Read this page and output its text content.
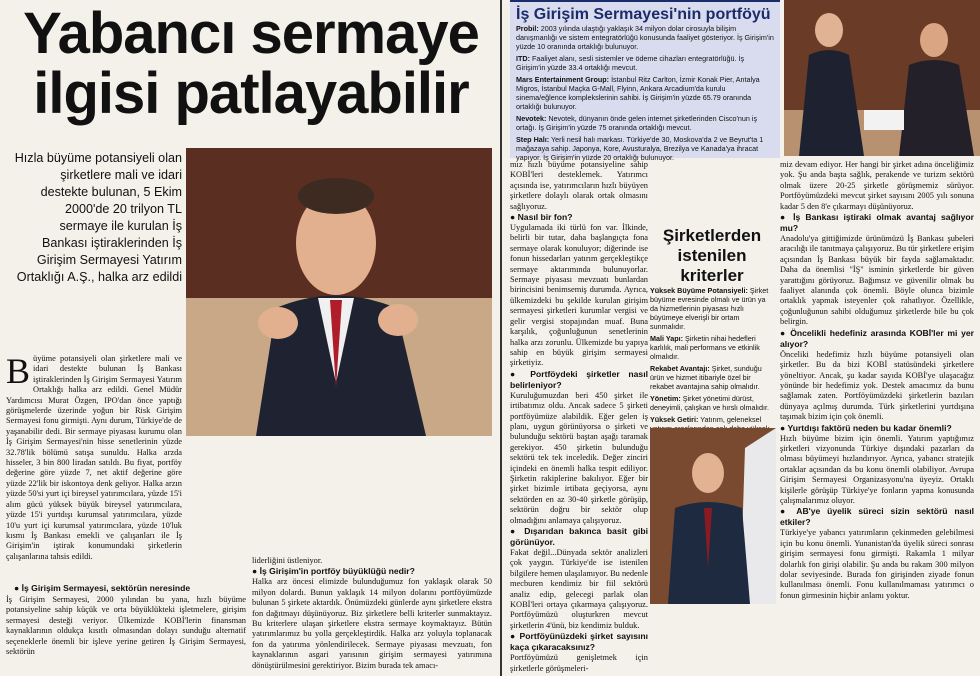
Yabancı sermaye ilgisi patlayabilir
Hızla büyüme potansiyeli olan şirketlere mali ve idari destekte bulunan, 5 Ekim 2000'de 20 trilyon TL sermaye ile kurulan İş Bankası iştiraklerinden İş Girişim Sermayesi Yatırım Ortaklığı A.Ş., halka arz edildi
Büyüme potansiyeli olan şirketlere mali ve idari destekte bulunan İş Bankası iştiraklerinden İş Girişim Sermayesi Yatırım Ortaklığı halka arz edildi. Genel Müdür Yardımcısı Murat Özgen, IPO'dan önce yaptığı görüşmelerde üzerinde yoğun bir Risk Girişim Sermayesi fonu girmişti. Aynı durum, Türkiye'de de yaşanabilir dedi. Bir sermaye piyasası kurumu olan İş Girişim Sermayesi'nin hisse senetlerinin yüzde 32.78'lik bölümü satışa sunuldu. Halka arzda hisseler, 3 bin 800 liradan satıldı. Bu fiyat, portföy değerine göre yüzde 7, net aktif değerine göre yüzde 22'lik bir iskontoya denk geliyor. Halka arzın yüzde 50'si yurt içi bireysel yatırımcılara, yüzde 15'i alım gücü yüksek büyük bireysel yatırımcılara, yüzde 15'i yurtdışı kurumsal yatırımcılara, yüzde 10'u yurt içi kurumsal yatırımcılara, yüzde 10'luk kısmı İş Bankası emekli ve çalışanları ile İş Girişim'in iştirak konumundaki şirketlerin çalışanlarına tahsis edildi.
● İş Girişim Sermayesi, sektörün neresinde
İş Girişim Sermayesi, 2000 yılından bu yana, hızlı büyüme potansiyeline sahip küçük ve orta büyüklükteki işletmelere, girişim sermayesi desteği veriyor. Ülkemizde KOBİ'lerin finansman kaynaklarının oldukça kısıtlı olmasından dolayı sunduğu alternatif seçeneklerle önemli bir işleve yerine getiren İş Girişim Sermayesi, sektörün
liderliğini üstleniyor.
● İş Girişim'in portföy büyüklüğü nedir?
Halka arz öncesi elimizde bulunduğumuz fon yaklaşık olarak 50 milyon dolardı. Bunun yaklaşık 14 milyon dolarını portföyümüzde bulunan 5 şirkete aktardık. Önümüzdeki günlerde aynı şirketlere ekstra fon dağıtmayı düşünüyoruz. Biz şirketlere belli kriterler sunmaktayız. Bu kriterlere ulaşan şirketlere ekstra sermaye koymaktayız. Bütün yatırımlarımız bu yolla gerçekleştirdik. Halka arz yoluyla toplanacak fon da yatırıma yönlendirilecek. Sermaye piyasası mevzuatı, fon kaynaklarının asgari yarısının girişim sermayesi yatırımına dönüştürülmesini gerektiriyor. Bizim burada tek amacı-
İş Girişim Sermayesi'nin portföyü

Probil: 2003 yılında ulaştığı yaklaşık 34 milyon dolar cirosuyla bilişim danışmanlığı ve sistem entegratörlüğü konusunda faaliyet gösteriyor. İş Girişim'in yüzde 10 oranında ortaklığı bulunuyor.

ITD: Faaliyet alanı, sesli sistemler ve ödeme cihazları entegratörlüğü. İş Girişim'in yüzde 33.4 ortaklığı mevcut.

Mars Entertainment Group: İstanbul Ritz Carlton, İzmir Konak Pier, Antalya Migros, İstanbul Maçka G-Mall, Flyinn, Ankara Arcadium'da kurulu sinema/eğlence komplekslerinin sahibi. İş Girişim'in yüzde 65.79 oranında ortaklığı bulunuyor.

Nevotek: Nevotek, dünyanın önde gelen internet şirketlerinden Cisco'nun iş ortağı. İş Girişim'in yüzde 75 oranında ortaklığı mevcut.

Step Halı: Yerli nesil halı markası. Türkiye'de 30, Moskova'da 2 ve Beyrut'ta 1 mağazaya sahip. Japonya, Kore, Avusturalya, Brezilya ve Kanada'ya ihracat yapıyor. İş Girişim'in yüzde 20 ortaklığı bulunuyor.

mız hızlı büyüme potansiyeline sahip KOBİ'leri desteklemek. Yatırımcı açısında ise, yatırımcıların hızlı büyüyen şirketlere dolaylı olarak ortak olmasını sağlıyoruz.
● Nasıl bir fon?
Uygulamada iki türlü fon var. İlkinde, belirli bir tutar, daha başlangıçta fona sermaye olarak konuluyor; diğerinde ise fonun hissedarları yatırım gerçekleştikçe sermaye aktarımında bulunuyorlar. Sermaye piyasası mevzuatı bunlardan birincisini benimsemiş durumda. Ayrıca, ülkemizdeki bu şekilde kurulan girişim sermayesi şirketleri kurumlar vergisi ve gelir vergisi stopajından muaf. Buna karşılık, çoğunluğunun senetlerinin halka arzı zorunlu. Ülkemizde bu yapıya sahip en büyük girişim sermayesi şirketiyiz.
● Portföydeki şirketler nasıl belirleniyor?
Kuruluğumuzdan beri 450 şirket ile irtibatımız oldu. Ancak sadece 5 şirketi portföyümüze alabildik. Eğer gelen iş planı, uygun görünüyorsa o şirketi ve bulunduğu sektörü baştan aşağı taramak gerekiyor. 450 şirketin bulunduğu sektörü tek tek inceledik. Değer zinciri içindeki en önemli halka tespit ediliyor. Şirketin rakiplerine bakılıyor. Eğer bir şirket bizimle irtibata geçiyorsa, aynı sektörden en az 30-40 şirketle görüşüp, sektörün doğru bir sektör olup olmadığını anlamaya çalışıyoruz.
● Dışarıdan bakınca basit gibi görünüyor.
Fakat değil...Dünyada sektör analizleri çok yaygın. Türkiye'de ise istenilen bilgilere hemen ulaşılamıyor. Bu nedenle mecburen kendimiz bir fiil sektörü analiz edip, gelecegi parlak olan KOBİ'leri ortaya çıkarmaya çalışıyoruz. Portföyümüzü oluşturkren mevcut şirketlerin 4'ünü, biz kendimiz bulduk.
● Portföyünüzdeki şirket sayısını kaça çıkaracaksınız?
Portföyümüzü genişletmek için şirketlerle görüşmeleri-
Şirketlerden istenilen kriterler

Yüksek Büyüme Potansiyeli: Şirket büyüme evresinde olmalı ve ürün ya da hizmetlerinin piyasası hızlı büyümeye elverişli bir ortam sunmalıdır.

Mali Yapı: Şirketin nihai hedefleri karlılık, mali performans ve etkinlik olmalıdır.

Rekabet Avantajı: Şirket, sunduğu ürün ve hizmet itibariyle özel bir rekabet avantajına sahip olmalıdır.

Yönetim: Şirket yönetimi dürüst, deneyimli, çalışkan ve hırslı olmalıdır.

Yüksek Getiri: Yatırım, geleneksel

miz devam ediyor. Her hangi bir şirket adına önceliğimiz yok. Şu anda başta sağlık, perakende ve turizm sektörü olmak üzere 20-25 şirketle görüşmemiz sürüyor. Portföyümüzdeki mevcut şirket sayısını 2005 yılı sonuna kadar 5 den 8'e çıkarmayı düşünüyoruz.
● İş Bankası iştiraki olmak avantaj sağlıyor mu?
Anadolu'ya gittiğimizde ürünümüzü İş Bankası şubeleri aracılığı ile tanıtmaya çalışıyoruz. Bu tür şirketlere erişim açısından İş Bankası büyük bir fayda sağlamaktadır. Daha da önemlisi "İŞ" isminin şirketlerde bir güven yarattığını görüyoruz. Bağımsız ve güvenilir olmak bu faaliyet alanında çok önemli. Böyle olunca bizimle ortaklık yapmak isteyenler çok rahatlıyor. Özellikle, çoğunluğunun sahibi olduğumuz şirketlerde bile bu çok belirgin.
● Öncelikli hedefiniz arasında KOBİ'ler mi yer alıyor?
Önceliki hedefimiz hızlı büyüme potansiyeli olan şirketler. Bu da bizi KOBİ statüsündeki şirketlere yöneltiyor. Ancak, şu kadar sayıda KOBİ'ye ulaşacağız yönünde bir hedefimiz yok. Destek amacımız da bunu sağlamak zaten. Portföyümüzdeki şirketlerin bazıları dünyaya açılmış durumda. Türk şirketlerini yurtdışına taşımak bizim için çok önemli.
● Yurtdışı faktörü neden bu kadar önemli?
Hızlı büyüme bizim için önemli. Yatırım yaptığımız şirketleri vizyonunda Türkiye dışındaki pazarları da olması büyümeyi hızlandırıyor. Ayrıca, yabancı stratejik ortaklar açısından da bu konu önemli olabiliyor. Avrupa Girişim Sermayesi Organizasyonu'na üyeyiz. Ortaklı kişilerle görüşüp Türkiye'ye fonların yapma konusunda çalışmalarımız oluyor.
● AB'ye üyelik süreci sizin sektörü nasıl etkiler?
Türkiye'ye yabancı yatırımların çekinmeden gelebilmesi için bu konu önemli. Yunanistan'da üyelik süreci sonrası girişim sermayesi fonu girmişti. Rakamla 1 milyar dolarlık fon girişi olabilir. Şu anda bu rakam 300 milyon dolar seviyesinde. Burada fon girişinden ziyade fonun kullanılması önemli. Fonu kullanılmaması yatırımcı o fonun girmesinin hiçbir anlamı yoktur.
